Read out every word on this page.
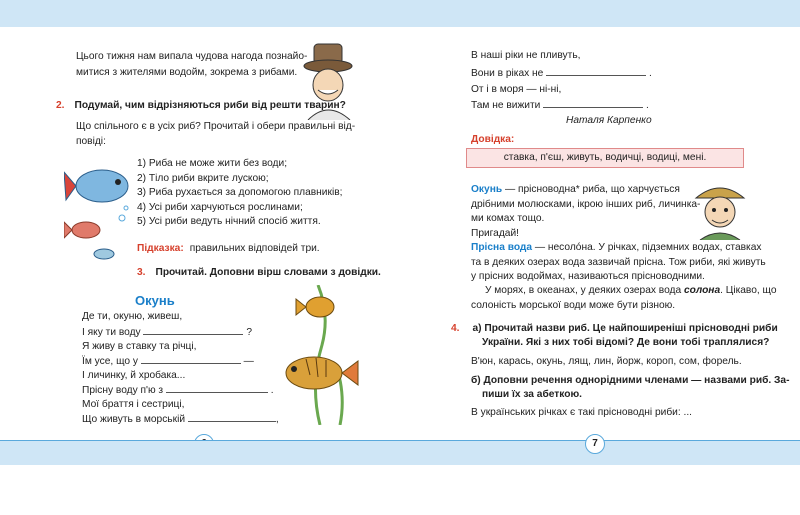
Цього тижня нам випала чудова нагода познайо-
митися з жителями водойм, зокрема з рибами.
2. Подумай, чим відрізняються риби від решти тварин?
Що спільного є в усіх риб? Прочитай і обери правильні від-
повіді:
1) Риба не може жити без води;
2) Тіло риби вкрите лускою;
3) Риба рухається за допомогою плавників;
4) Усі риби харчуються рослинами;
5) Усі риби ведуть нічний спосіб життя.
Підказка: правильних відповідей три.
3. Прочитай. Доповни вірш словами з довідки.
Окунь
Де ти, окуню, живеш,
І яку ти воду	?
Я живу в ставку та річці,
Їм усе, що у	—
І личинку, й хробака...
Прісну воду п'ю з	.
Мої браття і сестриці,
Що живуть в морській	,
В наші ріки не пливуть,
Вони в ріках не	.
От і в моря — ні-ні,
Там не вижити	.
Наталя Карпенко
Довідка:
ставка, п'єш, живуть, водичці, водиці, мені.
Окунь — прісноводна* риба, що харчується
дрібними молюсками, ікрою інших риб, личинка-
ми комах тощо.
Пригадай!
Прісна вода — несолóна. У річках, підземних водах, ставках
та в деяких озерах вода зазвичай прісна. Тож риби, які живуть
у прісних водоймах, називаються прісноводними.
У морях, в океанах, у деяких озерах вода солона. Цікаво, що
солоність морської води може бути різною.
4. а) Прочитай назви риб. Це найпоширеніші прісноводні риби
України. Які з них тобі відомі? Де вони тобі траплялися?
В'юн, карась, окунь, лящ, лин, йорж, короп, сом, форель.
б) Доповни речення однорідними членами — назвами риб. За-
пиши їх за абеткою.
В українських річках є такі прісноводні риби: ...
7
